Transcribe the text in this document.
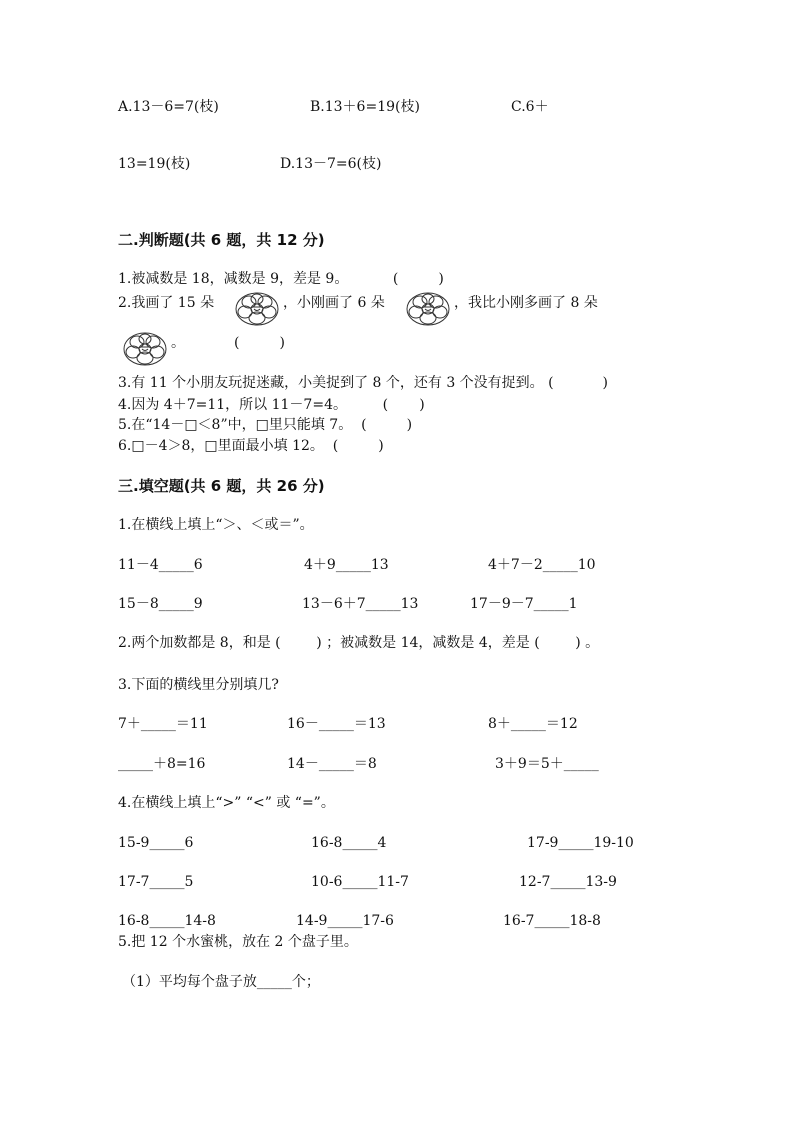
A.13－6=7(枝)	B.13＋6=19(枝)	C.6＋
13=19(枝)	D.13－7=6(枝)
二.判断题(共 6 题，共 12 分)
1.被减数是 18，减数是 9，差是 9。          (         )
2.我画了 15 朵	，小刚画了 6 朵	，我比小刚多画了 8 朵
。           (         )
3.有 11 个小朋友玩捉迷藏，小美捉到了 8 个，还有 3 个没有捉到。 (           )
4.因为 4＋7=11，所以 11－7=4。        (       )
5.在“14－□＜8”中，□里只能填 7。  (         )
6.□－4＞8，□里面最小填 12。  (         )
三.填空题(共 6 题，共 26 分)
1.在横线上填上“＞、＜或＝”。
11－4_____6	4＋9_____13	4＋7－2_____10
15－8_____9	13－6＋7_____13	17－9－7_____1
2.两个加数都是 8，和是 (        ) ；被减数是 14，减数是 4，差是 (        ) 。
3.下面的横线里分别填几?
7＋_____＝11	16－_____＝13	8＋_____＝12
_____＋8=16	14－_____＝8	3＋9＝5＋_____
4.在横线上填上“>” “<” 或 “=”。
15-9_____6	16-8_____4	17-9_____19-10
17-7_____5	10-6_____11-7	12-7_____13-9
16-8_____14-8	14-9_____17-6	16-7_____18-8
5.把 12 个水蜜桃，放在 2 个盘子里。
（1）平均每个盘子放_____个；
